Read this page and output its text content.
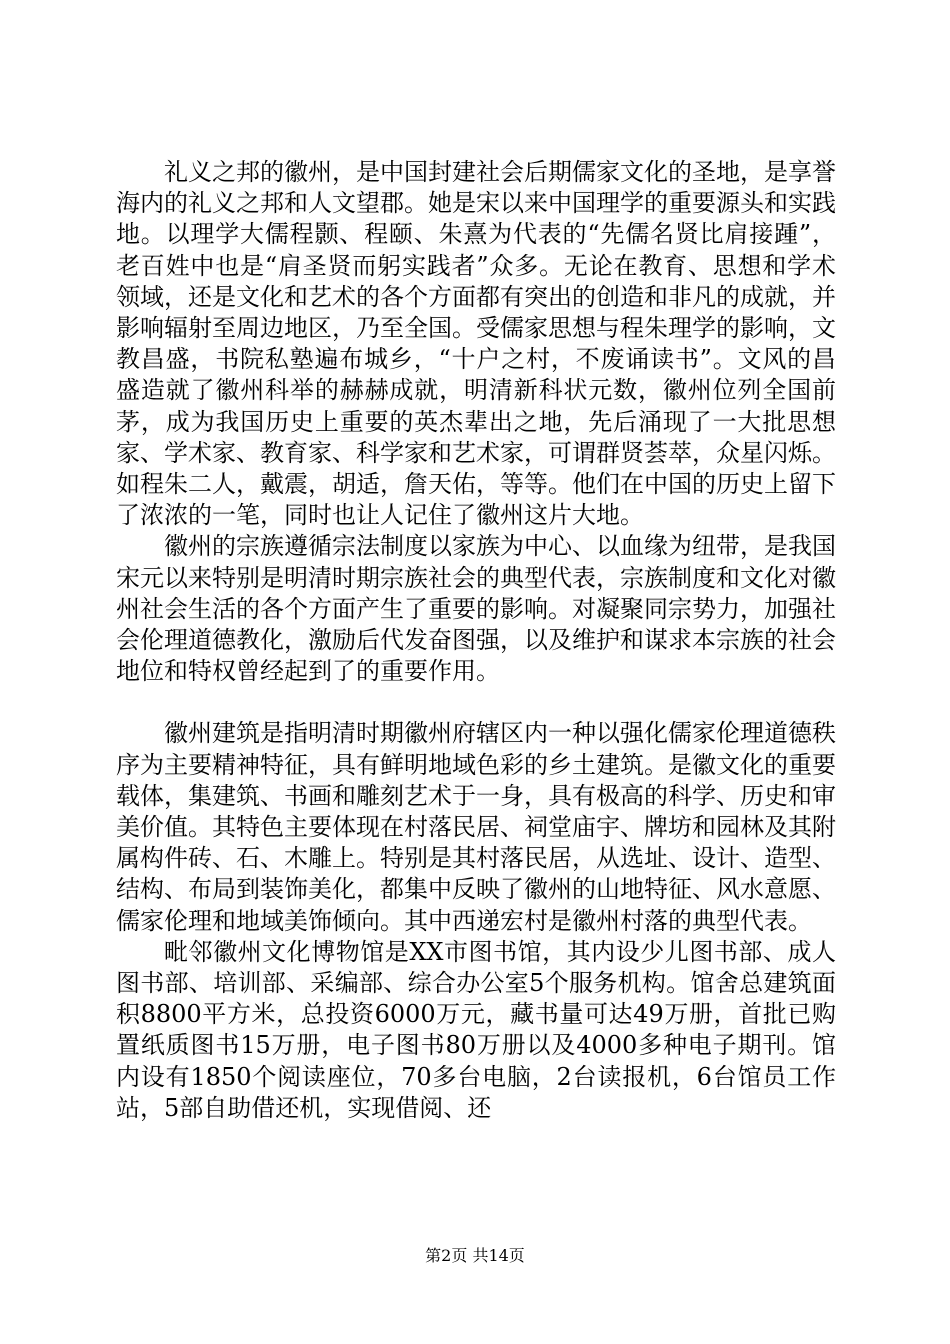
礼义之邦的徽州，是中国封建社会后期儒家文化的圣地，是享誉海内的礼义之邦和人文望郡。她是宋以来中国理学的重要源头和实践地。以理学大儒程颢、程颐、朱熹为代表的“先儒名贤比肩接踵”，老百姓中也是“肩圣贤而躬实践者”众多。无论在教育、思想和学术领域，还是文化和艺术的各个方面都有突出的创造和非凡的成就，并影响辐射至周边地区，乃至全国。受儒家思想与程朱理学的影响，文教昌盛，书院私塾遍布城乡，“十户之村，不废诵读书”。文风的昌盛造就了徽州科举的赫赫成就，明清新科状元数，徽州位列全国前茅，成为我国历史上重要的英杰辈出之地，先后涌现了一大批思想家、学术家、教育家、科学家和艺术家，可谓群贤荟萃，众星闪烁。如程朱二人，戴震，胡适，詹天佑，等等。他们在中国的历史上留下了浓浓的一笔，同时也让人记住了徽州这片大地。

徽州的宗族遵循宗法制度以家族为中心、以血缘为纽带，是我国宋元以来特别是明清时期宗族社会的典型代表，宗族制度和文化对徽州社会生活的各个方面产生了重要的影响。对凝聚同宗势力，加强社会伦理道德教化，激励后代发奋图强，以及维护和谋求本宗族的社会地位和特权曾经起到了的重要作用。

徽州建筑是指明清时期徽州府辖区内一种以强化儒家伦理道德秩序为主要精神特征，具有鲜明地域色彩的乡土建筑。是徽文化的重要载体，集建筑、书画和雕刻艺术于一身，具有极高的科学、历史和审美价值。其特色主要体现在村落民居、祠堂庙宇、牌坊和园林及其附属构件砖、石、木雕上。特别是其村落民居，从选址、设计、造型、结构、布局到装饰美化，都集中反映了徽州的山地特征、风水意愿、儒家伦理和地域美饰倾向。其中西递宏村是徽州村落的典型代表。

毗邻徽州文化博物馆是XX市图书馆，其内设少儿图书部、成人图书部、培训部、采编部、综合办公室5个服务机构。馆舍总建筑面积8800平方米，总投资6000万元，藏书量可达49万册，首批已购置纸质图书15万册，电子图书80万册以及4000多种电子期刊。馆内设有1850个阅读座位，70多台电脑，2台读报机，6台馆员工作站，5部自助借还机，实现借阅、还

第2页 共14页
